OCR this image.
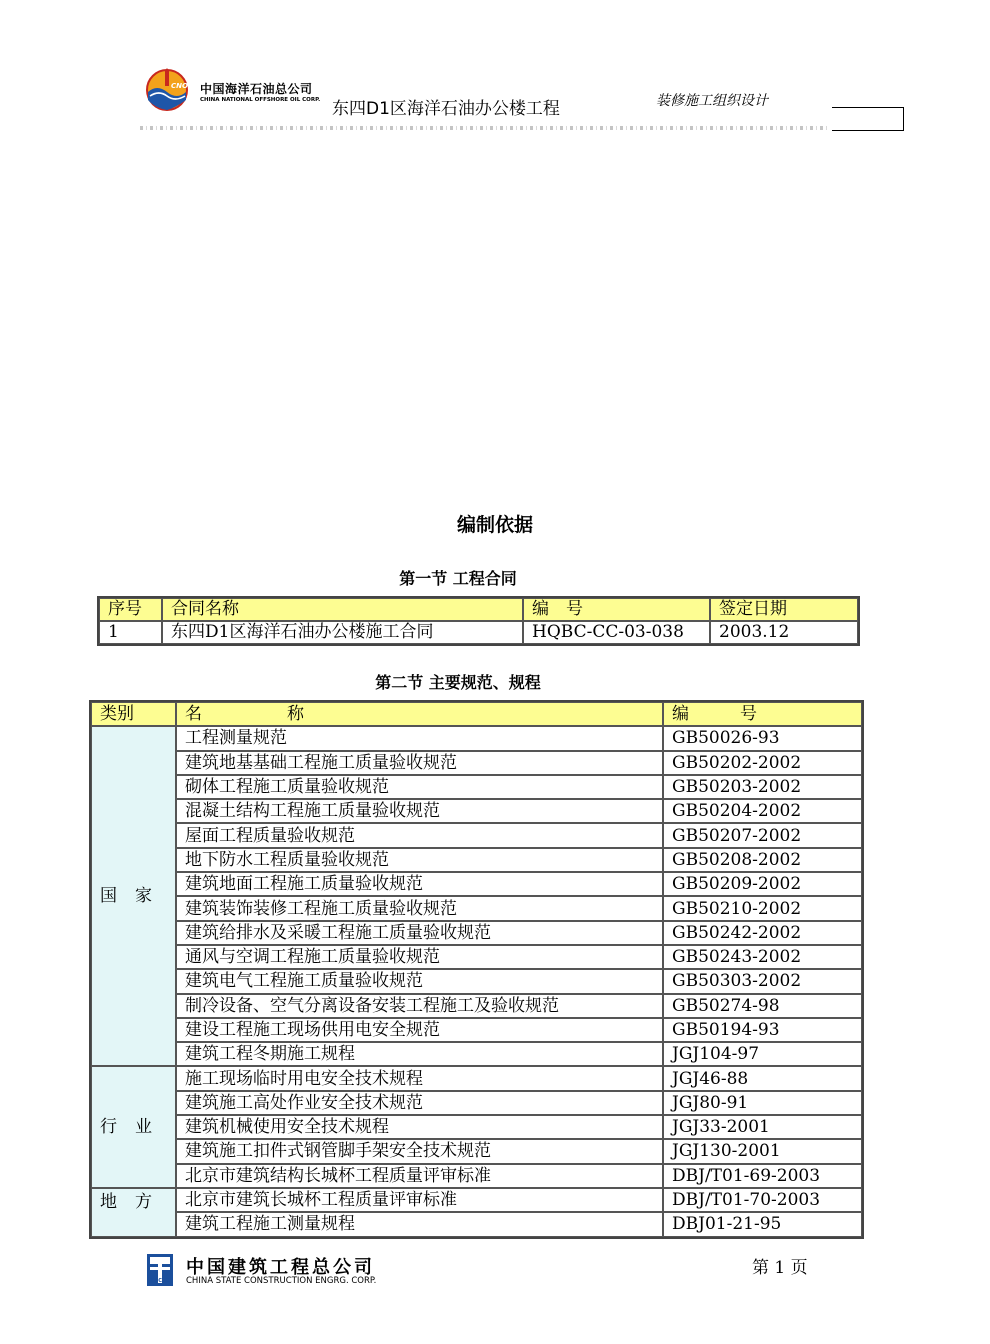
CNOOC 中国海洋石油总公司
CHINA NATIONAL OFFSHORE OIL CORP. 东四D1区海洋石油办公楼工程	装修施工组织设计
编制依据
第一节 工程合同
序号	合同名称	编　号	签定日期
1	东四D1区海洋石油办公楼施工合同	HQBC-CC-03-038	2003.12
第二节 主要规范、规程
类别	名　　　　　称	编　　　号
国家	工程测量规范	GB50026-93
	建筑地基基础工程施工质量验收规范	GB50202-2002
	砌体工程施工质量验收规范	GB50203-2002
	混凝土结构工程施工质量验收规范	GB50204-2002
	屋面工程质量验收规范	GB50207-2002
	地下防水工程质量验收规范	GB50208-2002
	建筑地面工程施工质量验收规范	GB50209-2002
	建筑装饰装修工程施工质量验收规范	GB50210-2002
	建筑给排水及采暖工程施工质量验收规范	GB50242-2002
	通风与空调工程施工质量验收规范	GB50243-2002
	建筑电气工程施工质量验收规范	GB50303-2002
	制冷设备、空气分离设备安装工程施工及验收规范	GB50274-98
	建设工程施工现场供用电安全规范	GB50194-93
	建筑工程冬期施工规程	JGJ104-97
行业	施工现场临时用电安全技术规程	JGJ46-88
	建筑施工高处作业安全技术规范	JGJ80-91
	建筑机械使用安全技术规程	JGJ33-2001
	建筑施工扣件式钢管脚手架安全技术规范	JGJ130-2001
	北京市建筑结构长城杯工程质量评审标准	DBJ/T01-69-2003
地方	北京市建筑长城杯工程质量评审标准	DBJ/T01-70-2003
	建筑工程施工测量规程	DBJ01-21-95
CSCEC
中国建筑工程总公司
CHINA STATE CONSTRUCTION ENGRG. CORP.
第 1 页
